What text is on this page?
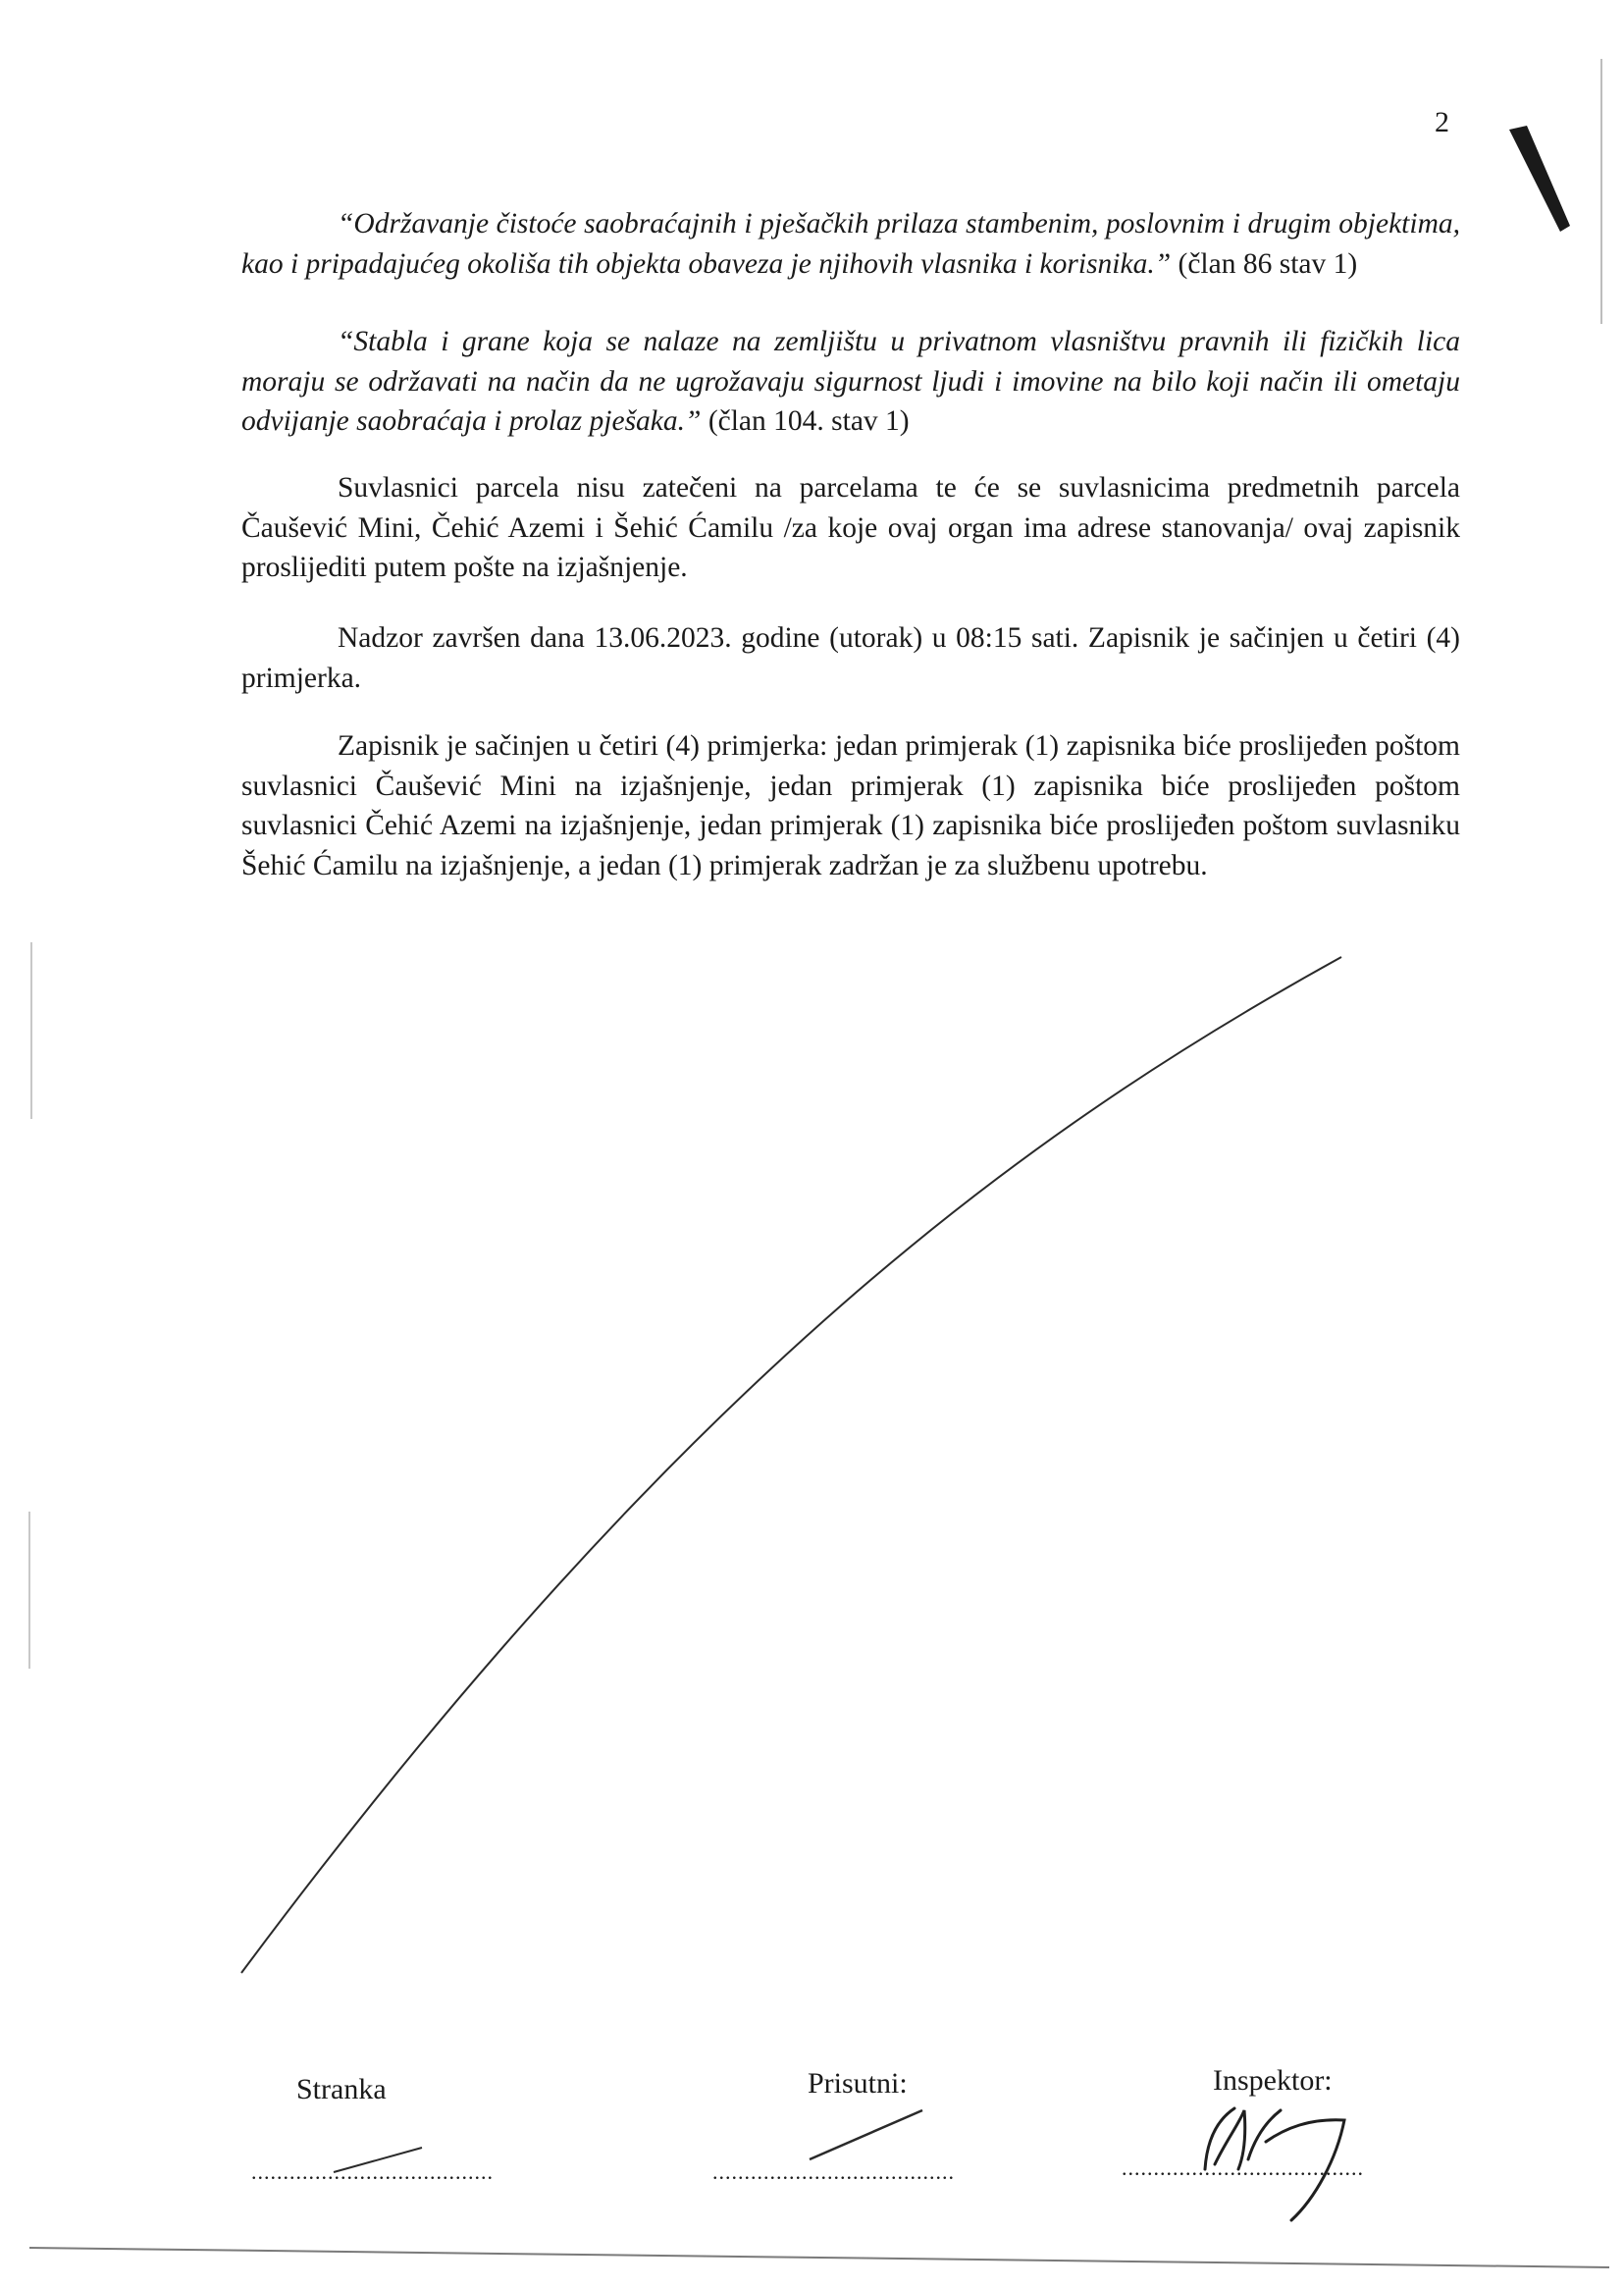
2

“Održavanje čistoće saobraćajnih i pješačkih prilaza stambenim, poslovnim i drugim objektima, kao i pripadajućeg okoliša tih objekta obaveza je njihovih vlasnika i korisnika.” (član 86 stav 1)

“Stabla i grane koja se nalaze na zemljištu u privatnom vlasništvu pravnih ili fizičkih lica moraju se održavati na način da ne ugrožavaju sigurnost ljudi i imovine na bilo koji način ili ometaju odvijanje saobraćaja i prolaz pješaka.” (član 104. stav 1)

Suvlasnici parcela nisu zatečeni na parcelama te će se suvlasnicima predmetnih parcela Čaušević Mini, Čehić Azemi i Šehić Ćamilu /za koje ovaj organ ima adrese stanovanja/ ovaj zapisnik proslijediti putem pošte na izjašnjenje.

Nadzor završen dana 13.06.2023. godine (utorak) u 08:15 sati. Zapisnik je sačinjen u četiri (4) primjerka.

Zapisnik je sačinjen u četiri (4) primjerka: jedan primjerak (1) zapisnika biće proslijeđen poštom suvlasnici Čaušević Mini na izjašnjenje, jedan primjerak (1) zapisnika biće proslijeđen poštom suvlasnici Čehić Azemi na izjašnjenje, jedan primjerak (1) zapisnika biće proslijeđen poštom suvlasniku Šehić Ćamilu na izjašnjenje, a jedan (1) primjerak zadržan je za službenu upotrebu.

Stranka	Prisutni:	Inspektor:
......................................	......................................	......................................
